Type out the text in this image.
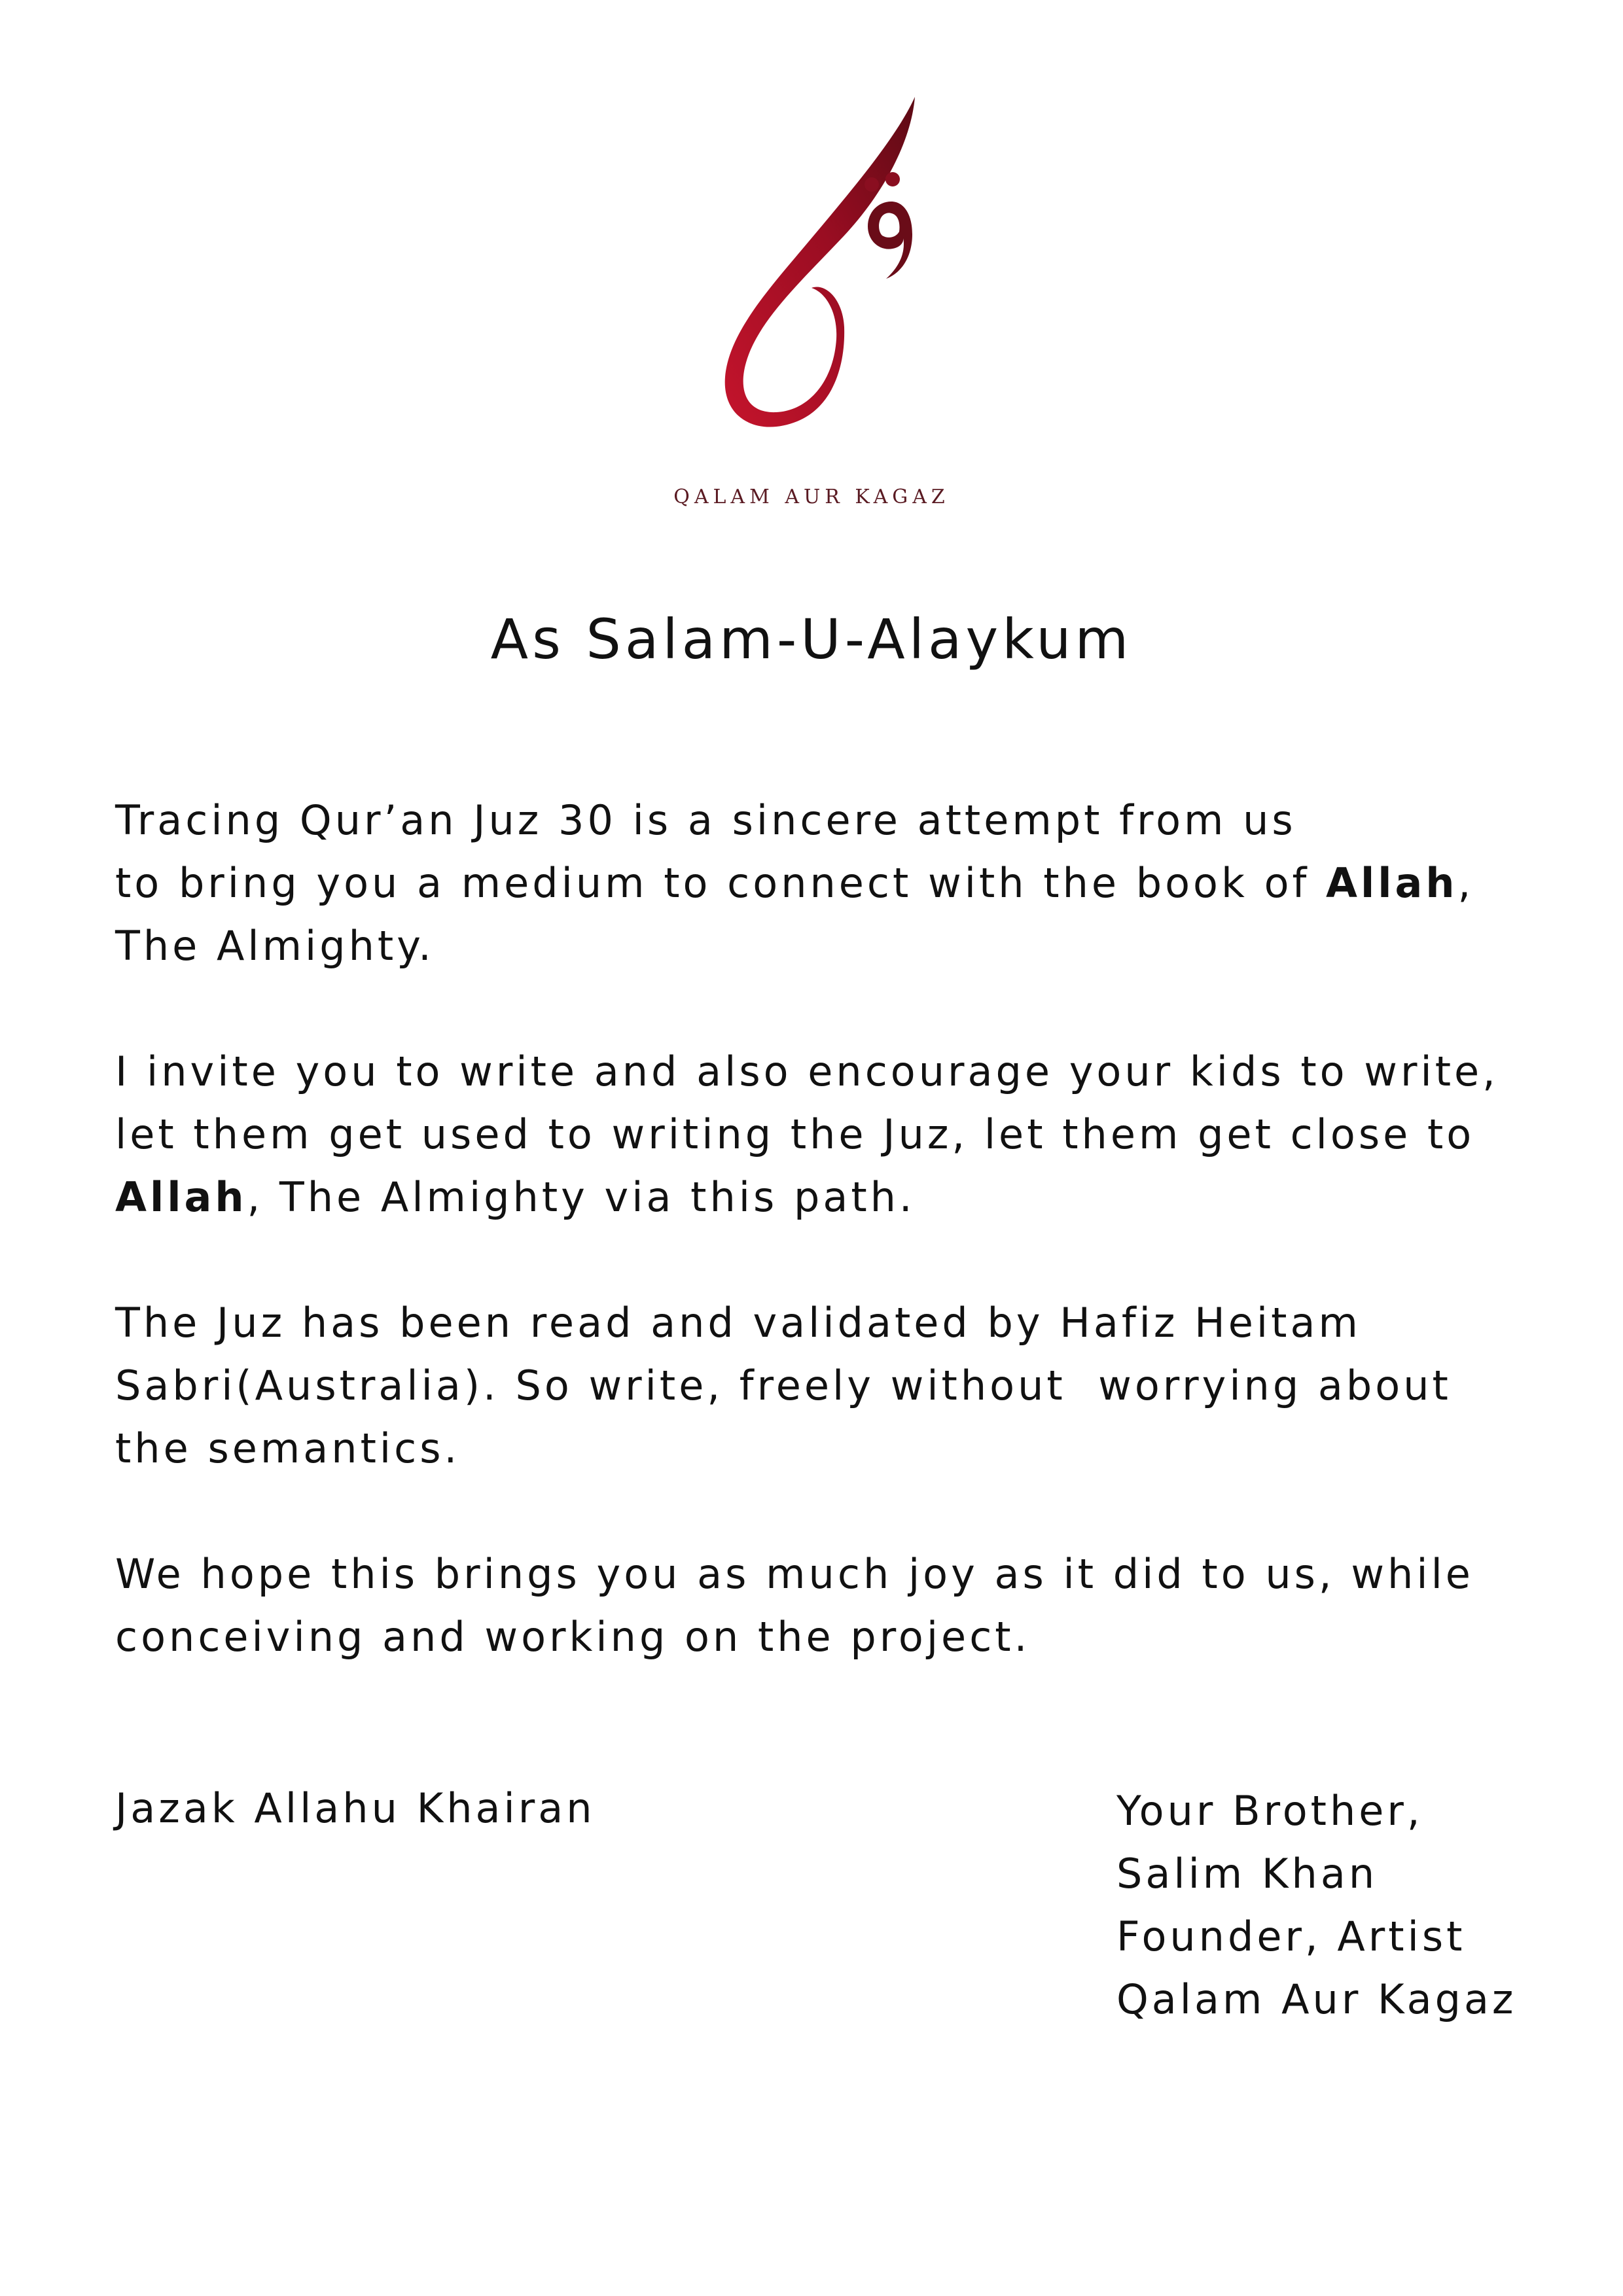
QALAM AUR KAGAZ
As Salam-U-Alaykum

Tracing Qur’an Juz 30 is a sincere attempt from us
to bring you a medium to connect with the book of Allah,
The Almighty.

I invite you to write and also encourage your kids to write,
let them get used to writing the Juz, let them get close to
Allah, The Almighty via this path.

The Juz has been read and validated by Hafiz Heitam
Sabri(Australia). So write, freely without  worrying about
the semantics.

We hope this brings you as much joy as it did to us, while
conceiving and working on the project.

Jazak Allahu Khairan	Your Brother,
Salim Khan
Founder, Artist
Qalam Aur Kagaz
